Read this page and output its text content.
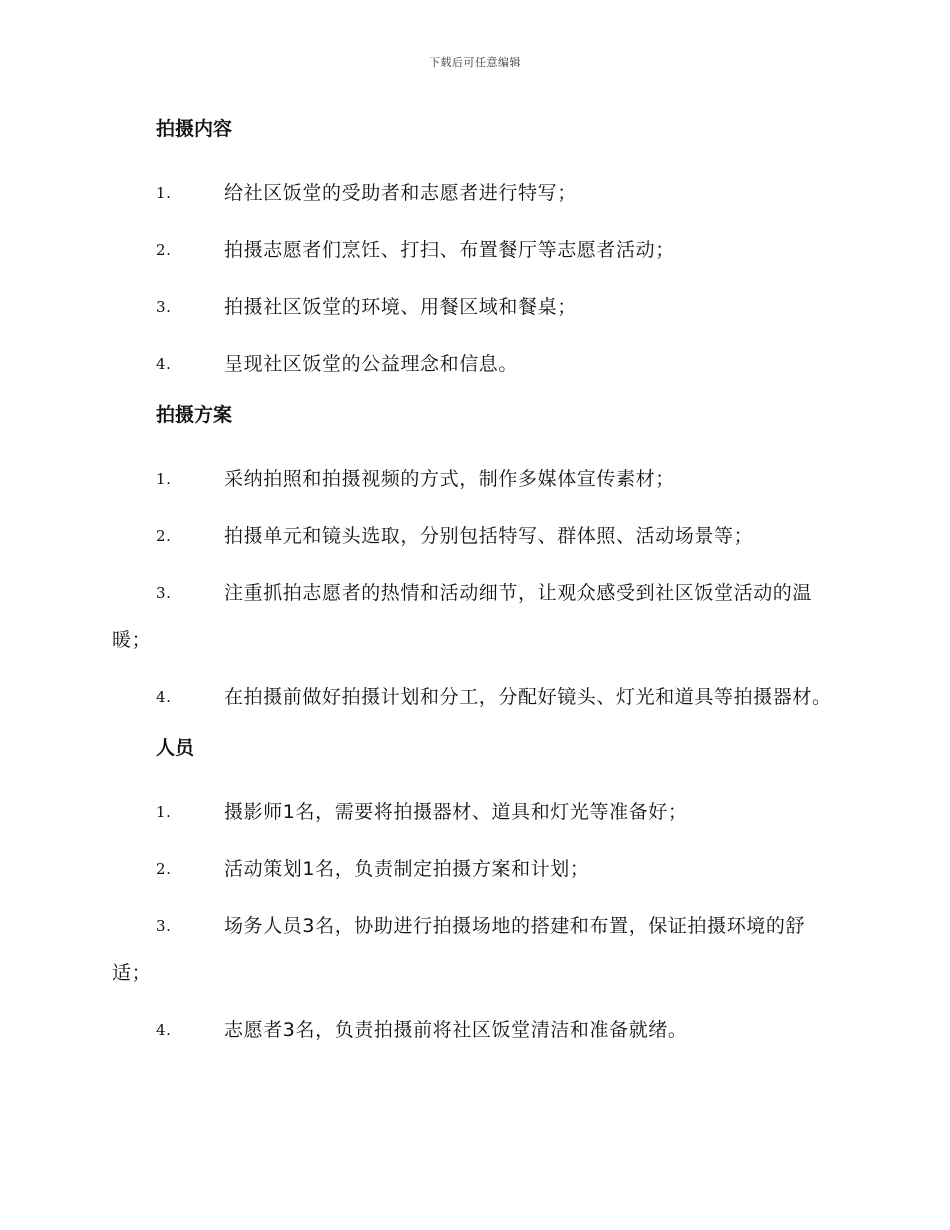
下载后可任意编辑
拍摄内容
1.	给社区饭堂的受助者和志愿者进行特写；
2.	拍摄志愿者们烹饪、打扫、布置餐厅等志愿者活动；
3.	拍摄社区饭堂的环境、用餐区域和餐桌；
4.	呈现社区饭堂的公益理念和信息。
拍摄方案
1.	采纳拍照和拍摄视频的方式，制作多媒体宣传素材；
2.	拍摄单元和镜头选取，分别包括特写、群体照、活动场景等；
3.	注重抓拍志愿者的热情和活动细节，让观众感受到社区饭堂活动的温暖；
4.	在拍摄前做好拍摄计划和分工，分配好镜头、灯光和道具等拍摄器材。
人员
1.	摄影师1名，需要将拍摄器材、道具和灯光等准备好；
2.	活动策划1名，负责制定拍摄方案和计划；
3.	场务人员3名，协助进行拍摄场地的搭建和布置，保证拍摄环境的舒适；
4.	志愿者3名，负责拍摄前将社区饭堂清洁和准备就绪。
